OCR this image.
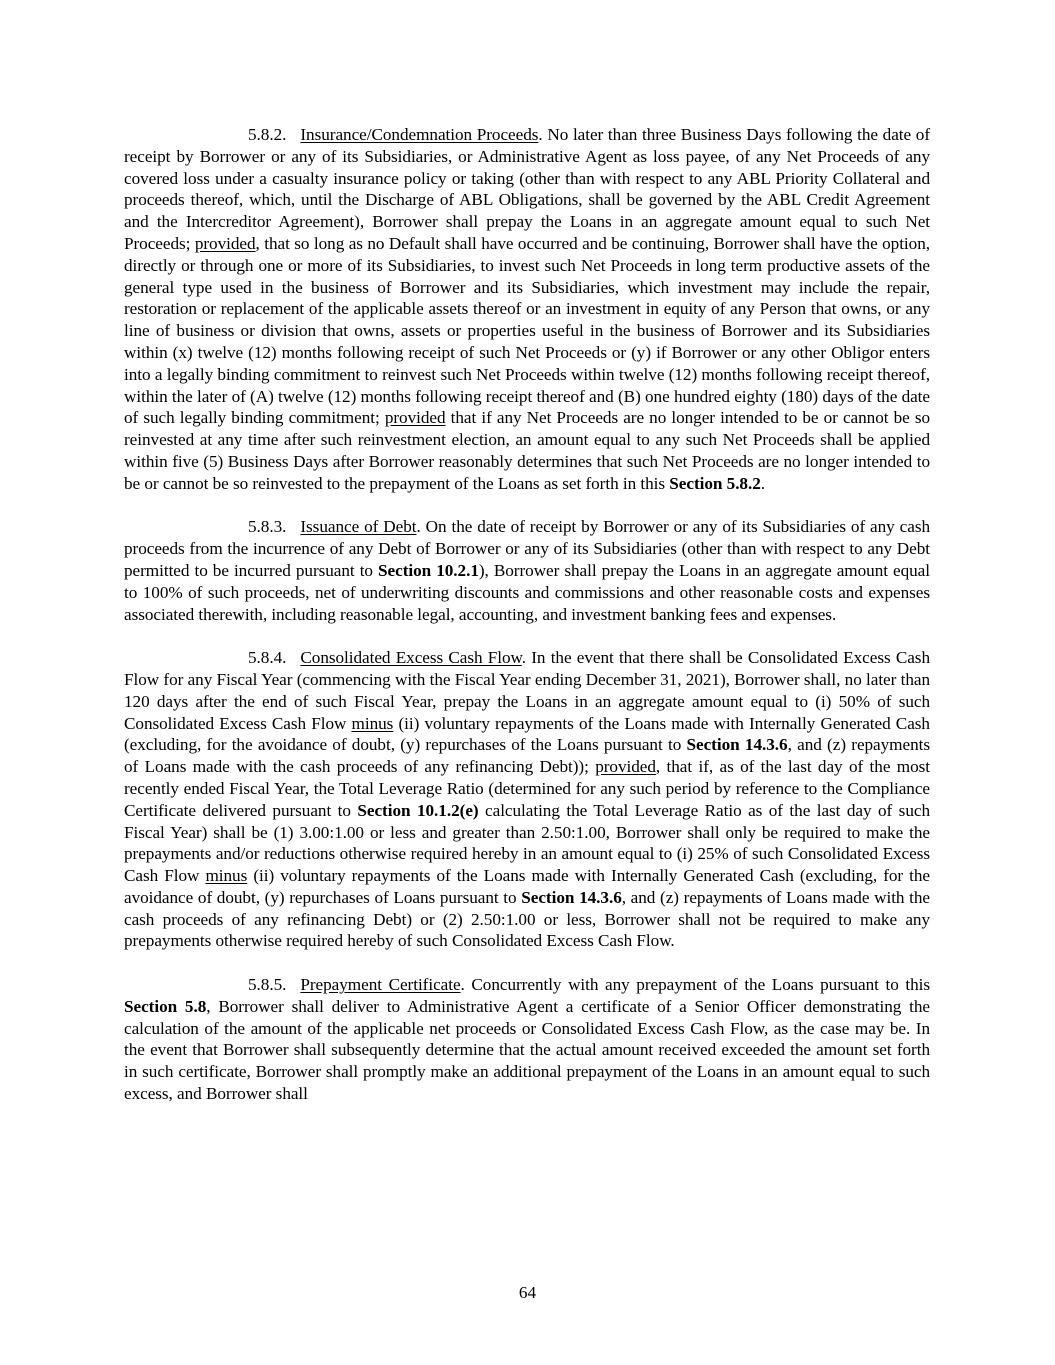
5.8.2. Insurance/Condemnation Proceeds. No later than three Business Days following the date of receipt by Borrower or any of its Subsidiaries, or Administrative Agent as loss payee, of any Net Proceeds of any covered loss under a casualty insurance policy or taking (other than with respect to any ABL Priority Collateral and proceeds thereof, which, until the Discharge of ABL Obligations, shall be governed by the ABL Credit Agreement and the Intercreditor Agreement), Borrower shall prepay the Loans in an aggregate amount equal to such Net Proceeds; provided, that so long as no Default shall have occurred and be continuing, Borrower shall have the option, directly or through one or more of its Subsidiaries, to invest such Net Proceeds in long term productive assets of the general type used in the business of Borrower and its Subsidiaries, which investment may include the repair, restoration or replacement of the applicable assets thereof or an investment in equity of any Person that owns, or any line of business or division that owns, assets or properties useful in the business of Borrower and its Subsidiaries within (x) twelve (12) months following receipt of such Net Proceeds or (y) if Borrower or any other Obligor enters into a legally binding commitment to reinvest such Net Proceeds within twelve (12) months following receipt thereof, within the later of (A) twelve (12) months following receipt thereof and (B) one hundred eighty (180) days of the date of such legally binding commitment; provided that if any Net Proceeds are no longer intended to be or cannot be so reinvested at any time after such reinvestment election, an amount equal to any such Net Proceeds shall be applied within five (5) Business Days after Borrower reasonably determines that such Net Proceeds are no longer intended to be or cannot be so reinvested to the prepayment of the Loans as set forth in this Section 5.8.2.

5.8.3. Issuance of Debt. On the date of receipt by Borrower or any of its Subsidiaries of any cash proceeds from the incurrence of any Debt of Borrower or any of its Subsidiaries (other than with respect to any Debt permitted to be incurred pursuant to Section 10.2.1), Borrower shall prepay the Loans in an aggregate amount equal to 100% of such proceeds, net of underwriting discounts and commissions and other reasonable costs and expenses associated therewith, including reasonable legal, accounting, and investment banking fees and expenses.

5.8.4. Consolidated Excess Cash Flow. In the event that there shall be Consolidated Excess Cash Flow for any Fiscal Year (commencing with the Fiscal Year ending December 31, 2021), Borrower shall, no later than 120 days after the end of such Fiscal Year, prepay the Loans in an aggregate amount equal to (i) 50% of such Consolidated Excess Cash Flow minus (ii) voluntary repayments of the Loans made with Internally Generated Cash (excluding, for the avoidance of doubt, (y) repurchases of the Loans pursuant to Section 14.3.6, and (z) repayments of Loans made with the cash proceeds of any refinancing Debt)); provided, that if, as of the last day of the most recently ended Fiscal Year, the Total Leverage Ratio (determined for any such period by reference to the Compliance Certificate delivered pursuant to Section 10.1.2(e) calculating the Total Leverage Ratio as of the last day of such Fiscal Year) shall be (1) 3.00:1.00 or less and greater than 2.50:1.00, Borrower shall only be required to make the prepayments and/or reductions otherwise required hereby in an amount equal to (i) 25% of such Consolidated Excess Cash Flow minus (ii) voluntary repayments of the Loans made with Internally Generated Cash (excluding, for the avoidance of doubt, (y) repurchases of Loans pursuant to Section 14.3.6, and (z) repayments of Loans made with the cash proceeds of any refinancing Debt) or (2) 2.50:1.00 or less, Borrower shall not be required to make any prepayments otherwise required hereby of such Consolidated Excess Cash Flow.

5.8.5. Prepayment Certificate. Concurrently with any prepayment of the Loans pursuant to this Section 5.8, Borrower shall deliver to Administrative Agent a certificate of a Senior Officer demonstrating the calculation of the amount of the applicable net proceeds or Consolidated Excess Cash Flow, as the case may be. In the event that Borrower shall subsequently determine that the actual amount received exceeded the amount set forth in such certificate, Borrower shall promptly make an additional prepayment of the Loans in an amount equal to such excess, and Borrower shall

64
